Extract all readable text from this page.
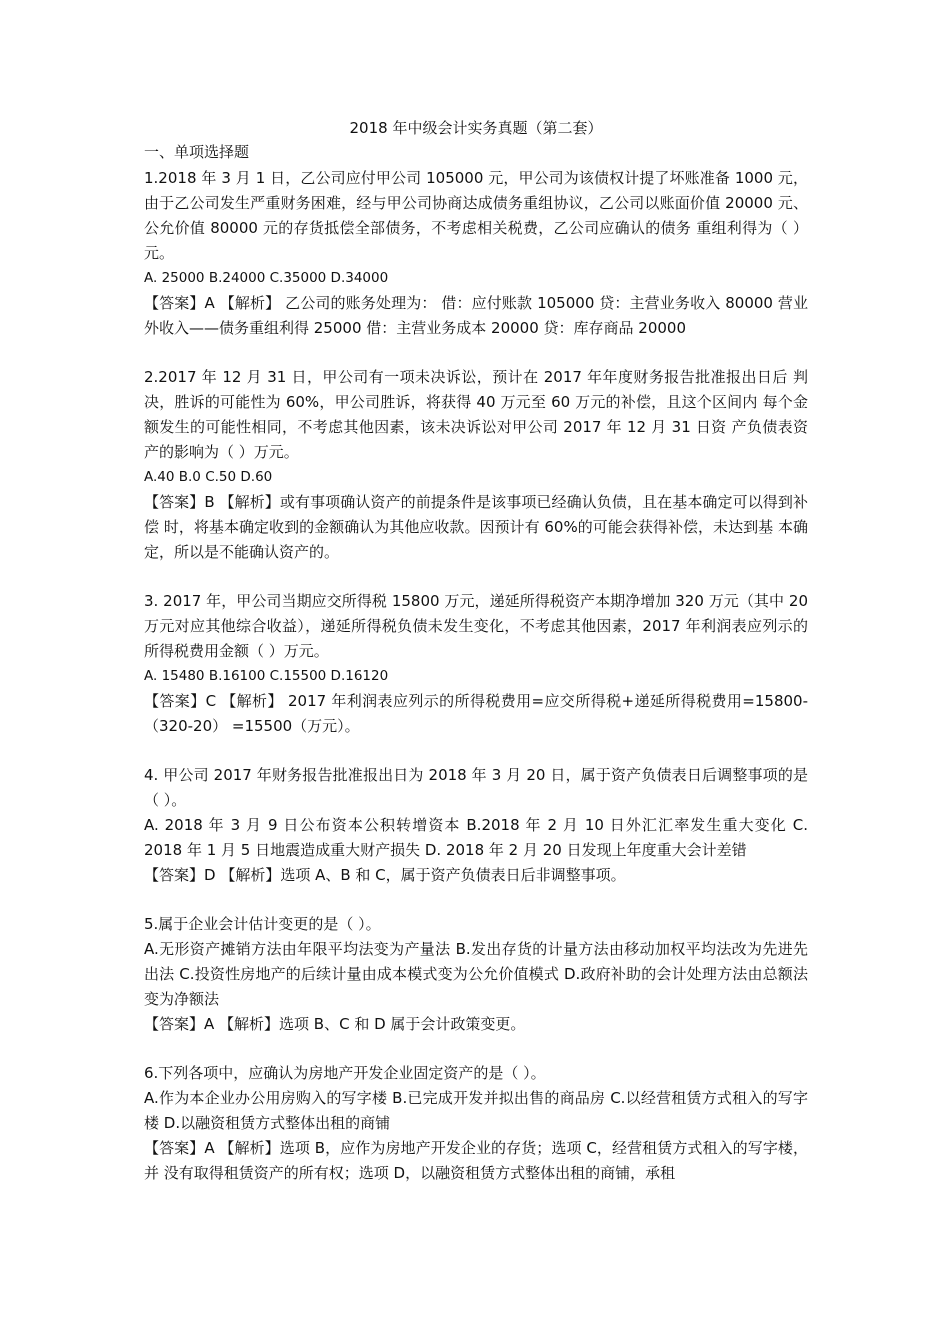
2018 年中级会计实务真题（第二套）
一、单项选择题

1.2018 年 3 月 1 日，乙公司应付甲公司 105000 元，甲公司为该债权计提了坏账准备 1000 元，由于乙公司发生严重财务困难，经与甲公司协商达成债务重组协议，乙公司以账面价值 20000 元、公允价值 80000 元的存货抵偿全部债务，不考虑相关税费，乙公司应确认的债务 重组利得为（ ）元。

A. 25000 B.24000 C.35000 D.34000

【答案】A 【解析】 乙公司的账务处理为： 借：应付账款 105000 贷：主营业务收入 80000 营业外收入——债务重组利得 25000 借：主营业务成本 20000 贷：库存商品 20000

2.2017 年 12 月 31 日，甲公司有一项未决诉讼，预计在 2017 年年度财务报告批准报出日后 判决，胜诉的可能性为 60%，甲公司胜诉，将获得 40 万元至 60 万元的补偿，且这个区间内 每个金额发生的可能性相同，不考虑其他因素，该未决诉讼对甲公司 2017 年 12 月 31 日资 产负债表资产的影响为（ ）万元。

A.40 B.0 C.50 D.60

【答案】B 【解析】或有事项确认资产的前提条件是该事项已经确认负债，且在基本确定可以得到补偿 时，将基本确定收到的金额确认为其他应收款。因预计有 60%的可能会获得补偿，未达到基 本确定，所以是不能确认资产的。

3. 2017 年，甲公司当期应交所得税 15800 万元，递延所得税资产本期净增加 320 万元（其中 20 万元对应其他综合收益），递延所得税负债未发生变化，不考虑其他因素，2017 年利润表应列示的所得税费用金额（ ）万元。

A. 15480 B.16100 C.15500 D.16120

【答案】C 【解析】 2017 年利润表应列示的所得税费用=应交所得税+递延所得税费用=15800-（320-20） =15500（万元）。

4. 甲公司 2017 年财务报告批准报出日为 2018 年 3 月 20 日，属于资产负债表日后调整事项的是（ ）。

A. 2018 年 3 月 9 日公布资本公积转增资本 B.2018 年 2 月 10 日外汇汇率发生重大变化 C. 2018 年 1 月 5 日地震造成重大财产损失 D. 2018 年 2 月 20 日发现上年度重大会计差错

【答案】D 【解析】选项 A、B 和 C，属于资产负债表日后非调整事项。

5.属于企业会计估计变更的是（ ）。

A.无形资产摊销方法由年限平均法变为产量法 B.发出存货的计量方法由移动加权平均法改为先进先出法 C.投资性房地产的后续计量由成本模式变为公允价值模式 D.政府补助的会计处理方法由总额法变为净额法

【答案】A 【解析】选项 B、C 和 D 属于会计政策变更。

6.下列各项中，应确认为房地产开发企业固定资产的是（ ）。

A.作为本企业办公用房购入的写字楼 B.已完成开发并拟出售的商品房 C.以经营租赁方式租入的写字楼 D.以融资租赁方式整体出租的商铺

【答案】A 【解析】选项 B，应作为房地产开发企业的存货；选项 C，经营租赁方式租入的写字楼，并 没有取得租赁资产的所有权；选项 D，以融资租赁方式整体出租的商铺，承租
